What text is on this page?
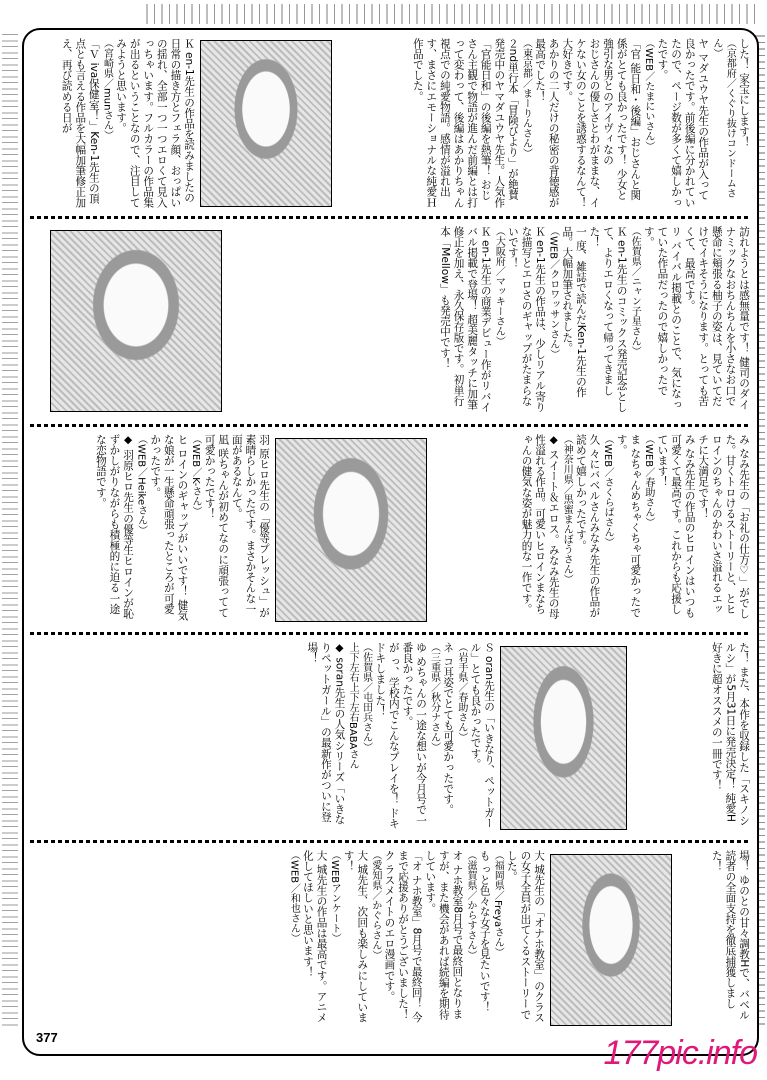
した！ 家宝にします！
（京都府／くぐり抜けコンドームさん）
ヤ マダユウヤ先生の作品が入って良かったです。前後編に分かれていたので、ページ数が多くて嬉しかったです。
（WEB／たまにいさん）
「官 能日和・後編」おじさんと関係がとても良かったです！ 少女と強引な男とのアイヴィなの
おじさんの優しさとわがままな、イケない女のことを誘惑するなんて！ 大好きです。
あかりの二人だけの秘密の背徳感が最高でした！
（東京都／まーりんさん）
２nd単行本「冒険びより」が絶賛発売中のヤマダユウヤ先生。人気作「官能日和」の後編を熱筆！ おじさん主観で物語が進んだ前編とは打って変わって、後編はあかりちゃん視点での純愛物語。感情が溢れ出す、まさにエモーショナルな純愛Ｈ作品でした。
Ｋ en-1先生の作品を読みましたの日常の描き方とフェラ顔、おっぱいの揺れ、全部一つ一つエロくて見入っちゃいます。フルカラーの作品集が出るということなので、注目してみようと思います。
（宮崎県／munさん）
「Ｖ iva保健室！」Ken-1先生の頂点とも言える作品を大幅加筆修正加え、再び読める日が
訪れようとは感無量です！ 健司のダイナミックなおちんちんを小さなお口で懸命に頬張る柚子の姿は、見ていてだけでイキそうになります。とっても苦くて、最高です。
リ バイバル掲載とのことで、気になっていた作品だったので嬉しかったです。
（佐賀県／ニャン子星さん）
Ｋ en-1先生のコミックス発売記念として、よりエロくなって帰ってきました！
一 度、雑誌で読んだKen-1先生の作品。大幅加筆されました。
（WEB／クロワッサンさん）
Ｋ en-1先生の作品は、少しリアル寄りな描写とエロさのギャップがたまらないです！
（大阪府／マッキーさん）
Ｋ en-1先生の商業デビュー作がリバイバル掲載で登場！ 超美麗タッチに加筆修正を加え、永久保存版です。初単行本「Mellow」も発売中です！
み なみ先生の「お礼の仕方♡」がでした。甘くトロけるストーリーと、とヒロインのちゃんのかわいさ溢れるエッチに大満足です！
み なみ先生の作品のヒロインはいつも可愛くて最高です。これからも応援しています！
（WEB／春助さん）
ま なちゃんめちゃくちゃ可愛かったです。
（WEB／さくらばさん）
久 々にバベルさんみなみ先生の作品が読めて嬉しかったです。
（神奈川県／黒蜜まんぼうさん）
◆ スイート＆エロス。みなみ先生の母性溢れる作品。可愛いヒロインまなちゃんの健気な姿が魅力的な一作です。
羽 原ヒロ先生の「優等プレッシュ」が素晴らしかったです。まさかそんな一面があるなんて。
凪 咲ちゃんが初めてなのに頑張ってて可愛かったです！
（WEB／K-さん）
ヒ ロインのギャップがいいです！ 健気な娘が一生懸命頑張ったところが可愛かったです。
（WEB／Heikeさん）
◆ 羽原ヒロ先生の優等生ヒロインが恥ずかしがりながらも積極的に迫る一途な恋物語です。
た！ また、本作を収録した「スキノシルシ」が5月31日に発売決定！ 純愛H好きに超オススメの一冊です！
Ｓ oran先生の「いきなり、ペットガール」とても良かったです。
（岩手県／春助さん）
ネ コ耳姿でとても可愛かったです。
（三重県／秋分ナさん）
ゆ めちゃんの一途な想いが今月号で一番良かったです。
が っ、学校内でこんなプレイを！ ドキドキしました！
（佐賀県／屯田兵さん）
上下左右上下左右BABAさん
◆ soran先生の人気シリーズ「いきなりペットガール」の最新作がついに登場！
場！ ゆのとの甘々調教Hで、バベル読者の全面支持を徹底捕獲しました！
大 城先生の「オナホ教室」のクラスの女子全員が出てくるストーリーでした。
（福岡県／Freyaさん）
も っと色々な女子を見たいです！
（滋賀県／からすさん）
オ ナホ教室8月号で最終回となりますが、また機会があれば続編を期待しています。
「オ ナホ教室」8月号で最終回！ 今まで応援ありがとうございました！
ク ラスメイトのエロ漫画です。
（愛知県／かぐらさん）
大 城先生、次回も楽しみにしています！
（WEBアンケート）
大 城先生の作品は最高です。アニメ化してほしいと思います！
（WEB／和也さん）
377	177pic.info
